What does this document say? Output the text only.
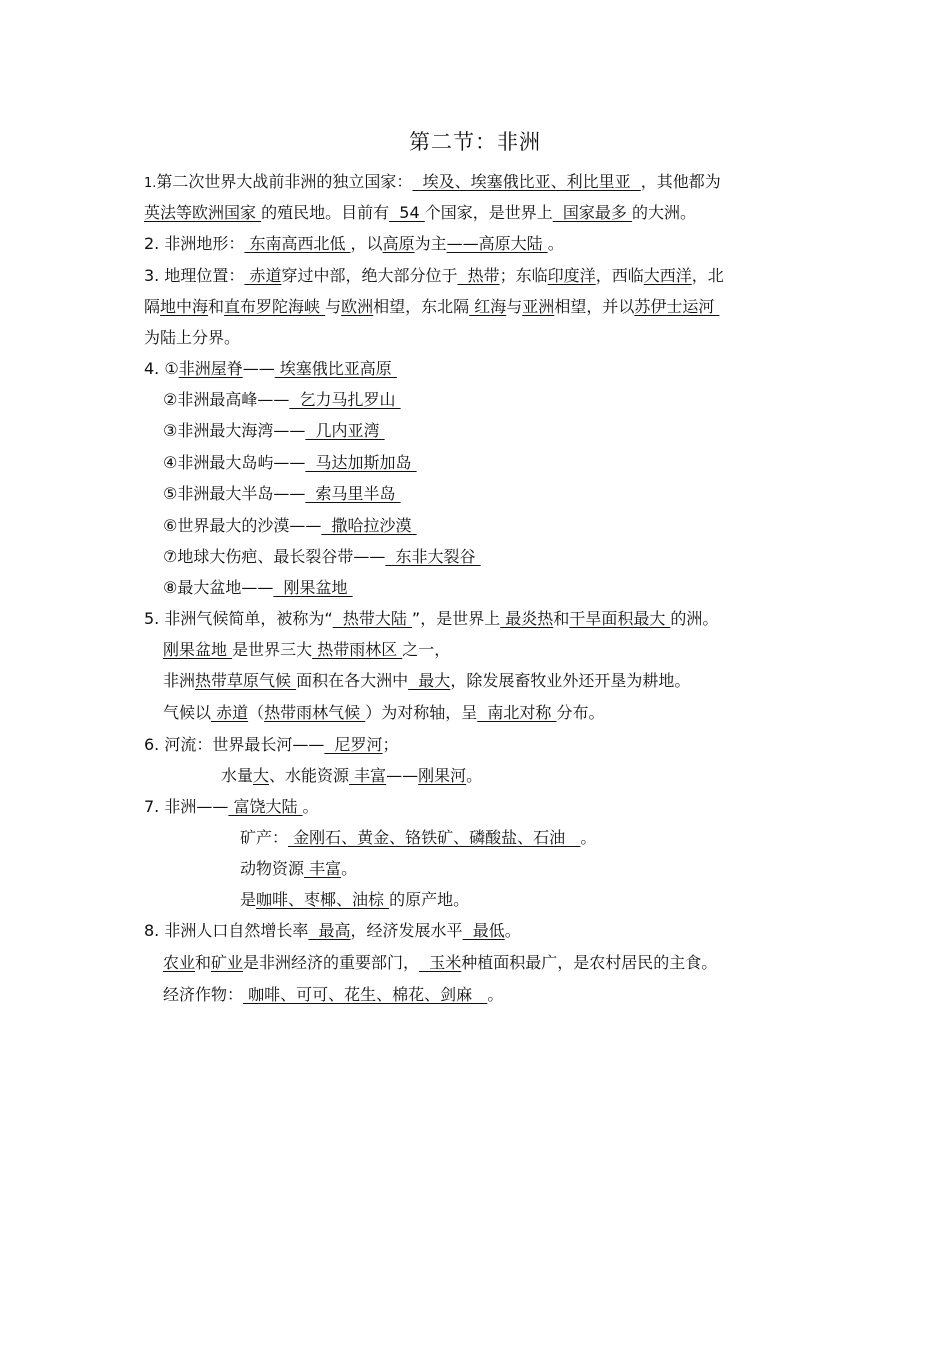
第二节：非洲
1.第二次世界大战前非洲的独立国家：  埃及、埃塞俄比亚、利比里亚  ，其他都为
英法等欧洲国家 的殖民地。目前有  54 个国家，是世界上  国家最多 的大洲。
2. 非洲地形： 东南高西北低 ，以高原为主——高原大陆 。
3. 地理位置： 赤道穿过中部，绝大部分位于  热带；东临印度洋，西临大西洋，北
隔地中海和直布罗陀海峡 与欧洲相望，东北隔 红海与亚洲相望，并以苏伊士运河
为陆上分界。
4. ①非洲屋脊—— 埃塞俄比亚高原
②非洲最高峰——  乞力马扎罗山
③非洲最大海湾——  几内亚湾
④非洲最大岛屿——  马达加斯加岛
⑤非洲最大半岛——  索马里半岛
⑥世界最大的沙漠——  撒哈拉沙漠
⑦地球大伤疤、最长裂谷带——  东非大裂谷
⑧最大盆地——  刚果盆地
5. 非洲气候简单，被称为“  热带大陆 ”，是世界上 最炎热和干旱面积最大 的洲。
刚果盆地 是世界三大 热带雨林区 之一，
非洲热带草原气候 面积在各大洲中  最大，除发展畜牧业外还开垦为耕地。
气候以 赤道（热带雨林气候 ）为对称轴，呈  南北对称 分布。
6. 河流：世界最长河——  尼罗河；
水量大、水能资源 丰富——刚果河。
7. 非洲—— 富饶大陆 。
矿产： 金刚石、黄金、铬铁矿、磷酸盐、石油   。
动物资源 丰富。
是咖啡、枣椰、油棕 的原产地。
8. 非洲人口自然增长率  最高，经济发展水平  最低。
农业和矿业是非洲经济的重要部门，  玉米种植面积最广，是农村居民的主食。
经济作物： 咖啡、可可、花生、棉花、剑麻   。
